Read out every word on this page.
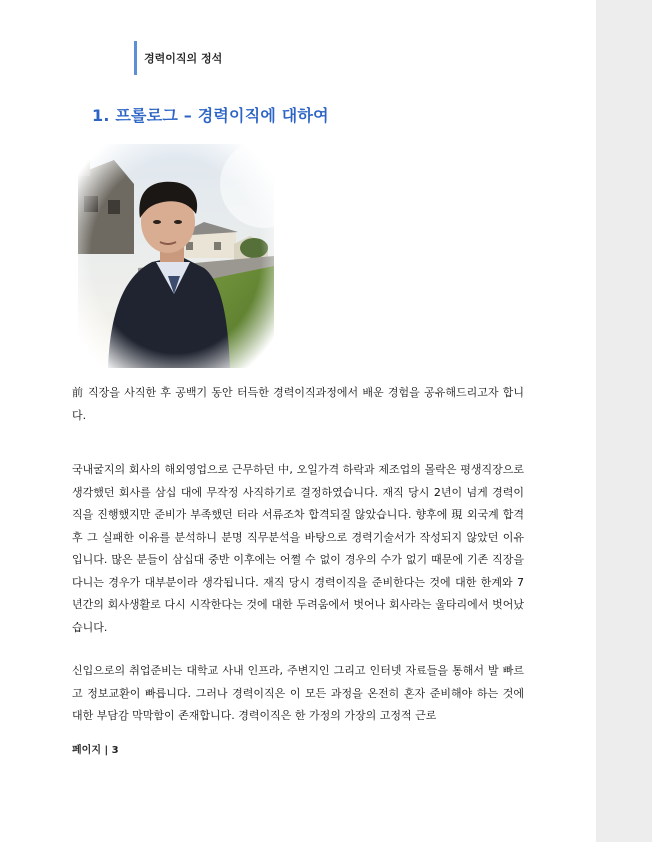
경력이직의 정석
1. 프롤로그 – 경력이직에 대하여
前 직장을 사직한 후 공백기 동안 터득한 경력이직과정에서 배운 경험을 공유해드리고자 합니다.
국내굴지의 회사의 해외영업으로 근무하던 中, 오일가격 하락과 제조업의 몰락은 평생직장으로 생각했던 회사를 삼십 대에 무작정 사직하기로 결정하였습니다. 재직 당시 2년이 넘게 경력이직을 진행했지만 준비가 부족했던 터라 서류조차 합격되질 않았습니다. 향후에 現 외국계 합격 후 그 실패한 이유를 분석하니 분명 직무분석을 바탕으로 경력기술서가 작성되지 않았던 이유입니다. 많은 분들이 삼십대 중반 이후에는 어쩔 수 없이 경우의 수가 없기 때문에 기존 직장을 다니는 경우가 대부분이라 생각됩니다. 재직 당시 경력이직을 준비한다는 것에 대한 한계와 7년간의 회사생활로 다시 시작한다는 것에 대한 두려움에서 벗어나 회사라는 울타리에서 벗어났습니다.
신입으로의 취업준비는 대학교 사내 인프라, 주변지인 그리고 인터넷 자료들을 통해서 발 빠르고 정보교환이 빠릅니다. 그러나 경력이직은 이 모든 과정을 온전히 혼자 준비해야 하는 것에 대한 부담감 막막함이 존재합니다. 경력이직은 한 가정의 가장의 고정적 근로
페이지 | 3
